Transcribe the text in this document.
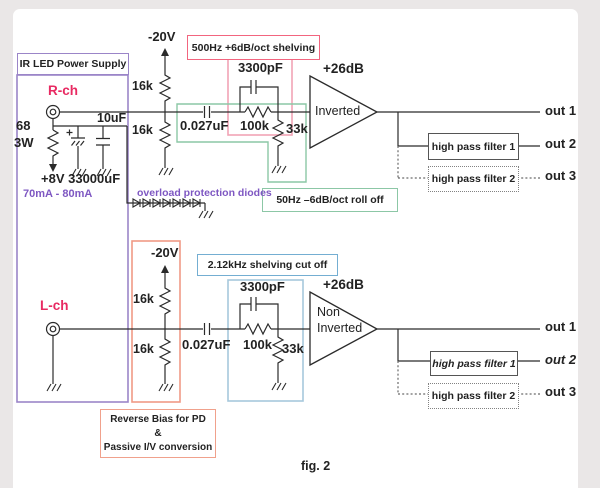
IR LED Power Supply
500Hz +6dB/oct shelving
50Hz –6dB/oct roll off
2.12kHz shelving cut off
Reverse Bias for PD
&
Passive I/V conversion
high pass filter 1
high pass filter 2
high pass filter 1
high pass filter 2
R-ch
-20V
16k
16k
68
3W
10uF
+8V 33000uF
70mA - 80mA	overload protection diodes
0.027uF
3300pF
100k 33k
+26dB
Inverted	out 1
out 2
out 3
L-ch
-20V
16k
16k 0.027uF
3300pF
100k 33k
+26dB
Non
Inverted	out 1
out 2
out 3
fig. 2
